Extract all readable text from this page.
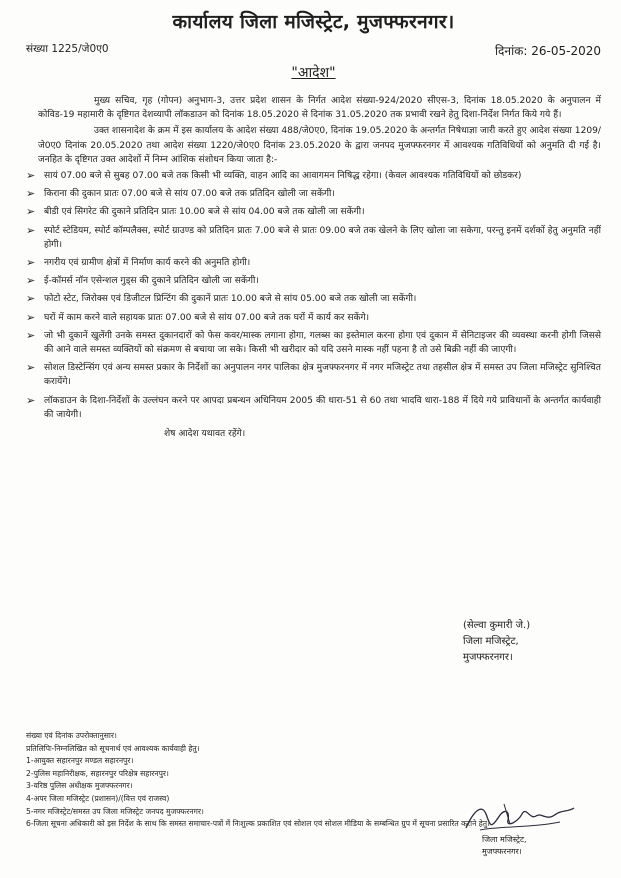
कार्यालय जिला मजिस्ट्रेट, मुजफ्फरनगर।
संख्या 1225/जे0ए0	दिनांक: 26-05-2020
"आदेश"

मुख्य सचिव, गृह (गोपन) अनुभाग-3, उत्तर प्रदेश शासन के निर्गत आदेश संख्या-924/2020 सीएस-3, दिनांक 18.05.2020 के अनुपालन में कोविड-19 महामारी के दृष्टिगत देशव्यापी लॉकडाउन को दिनांक 18.05.2020 से दिनांक 31.05.2020 तक प्रभावी रखने हेतु दिशा-निर्देश निर्गत किये गये हैं।

उक्त शासनादेश के क्रम में इस कार्यालय के आदेश संख्या 488/जे0ए0, दिनांक 19.05.2020 के अन्तर्गत निषेधाज्ञा जारी करते हुए आदेश संख्या 1209/जे0ए0 दिनांक 20.05.2020 तथा आदेश संख्या 1220/जे0ए0 दिनांक 23.05.2020 के द्वारा जनपद मुजफ्फरनगर में आवश्यक गतिविधियों को अनुमति दी गई है। जनहित के दृष्टिगत उक्त आदेशों में निम्न आंशिक संशोधन किया जाता है:-

➢ सायं 07.00 बजे से सुबह 07.00 बजे तक किसी भी व्यक्ति, वाहन आदि का आवागमन निषिद्ध रहेगा। (केवल आवश्यक गतिविधियों को छोडकर)
➢ किराना की दुकान प्रातः 07.00 बजे से सांय 07.00 बजे तक प्रतिदिन खोली जा सकेंगी।
➢ बीडी एवं सिगरेट की दुकाने प्रतिदिन प्रातः 10.00 बजे से सांय 04.00 बजे तक खोली जा सकेंगी।
➢ स्पोर्ट स्टेडियम, स्पोर्ट कॉम्पलैक्स, स्पोर्ट ग्राउण्ड को प्रतिदिन प्रातः 7.00 बजे से प्रातः 09.00 बजे तक खेलने के लिए खोला जा सकेगा, परन्तु इनमें दर्शकों हेतु अनुमति नहीं होगी।
➢ नगरीय एवं ग्रामीण क्षेत्रों में निर्माण कार्य करने की अनुमति होगी।
➢ ई-कॉमर्स नॉन एसेन्शल गुड्स की दुकाने प्रतिदिन खोली जा सकेंगी।
➢ फोटो स्टेट, जिरोक्स एवं डिजीटल प्रिन्टिंग की दुकानें प्रातः 10.00 बजे से सांय 05.00 बजे तक खोली जा सकेंगी।
➢ घरों में काम करने वाले सहायक प्रातः 07.00 बजे से सांय 07.00 बजे तक घरों में कार्य कर सकेंगे।
➢ जो भी दुकानें खुलेंगी उनके समस्त दुकानदारों को फेस कवर/मास्क लगाना होगा, गलब्स का इस्तेमाल करना होगा एवं दुकान में सेनिटाइजर की व्यवस्था करनी होगी जिससे की आने वाले समस्त व्यक्तियों को संक्रमण से बचाया जा सके। किसी भी खरीदार को यदि उसने मास्क नहीं पहना है तो उसे बिक्री नहीं की जाएगी।
➢ सोशल डिस्टेन्सिंग एवं अन्य समस्त प्रकार के निर्देशों का अनुपालन नगर पालिका क्षेत्र मुजफ्फरनगर में नगर मजिस्ट्रेट तथा तहसील क्षेत्र में समस्त उप जिला मजिस्ट्रेट सुनिश्चित करायेंगे।
➢ लॉकडाउन के दिशा-निर्देशों के उल्लंघन करने पर आपदा प्रबन्धन अधिनियम 2005 की धारा-51 से 60 तथा भादवि धारा-188 में दिये गये प्राविधानों के अन्तर्गत कार्यवाही की जायेगी।

शेष आदेश यथावत रहेंगे।

(सेल्वा कुमारी जे.)
जिला मजिस्ट्रेट,
मुजफ्फरनगर।

संख्या एवं दिनांक उपरोक्तानुसार।

प्रतिलिपिः-निम्नलिखित को सूचनार्थ एवं आवश्यक कार्यवाही हेतु।

1-आयुक्त सहारनपुर मण्डल सहारनपुर।
2-पुलिस महानिरीक्षक, सहारनपुर परिक्षेत्र सहारनपुर।
3-वरिष्ठ पुलिस अधीक्षक मुजफ्फरनगर।
4-अपर जिला मजिस्ट्रेट (प्रशासन)/(वित्त एवं राजस्व)
5-नगर मजिस्ट्रेट/समस्त उप जिला मजिस्ट्रेट जनपद मुजफ्फरनगर।
6-जिला सूचना अधिकारी को इस निर्देश के साथ कि समस्त समाचार-पत्रों में निःशुल्क प्रकाशित एवं सोशल एवं सोशल मीडिया के सम्बन्धित ग्रुप में सूचना प्रसारित कराने हेतु।
जिला मजिस्ट्रेट,
मुजफ्फरनगर।
